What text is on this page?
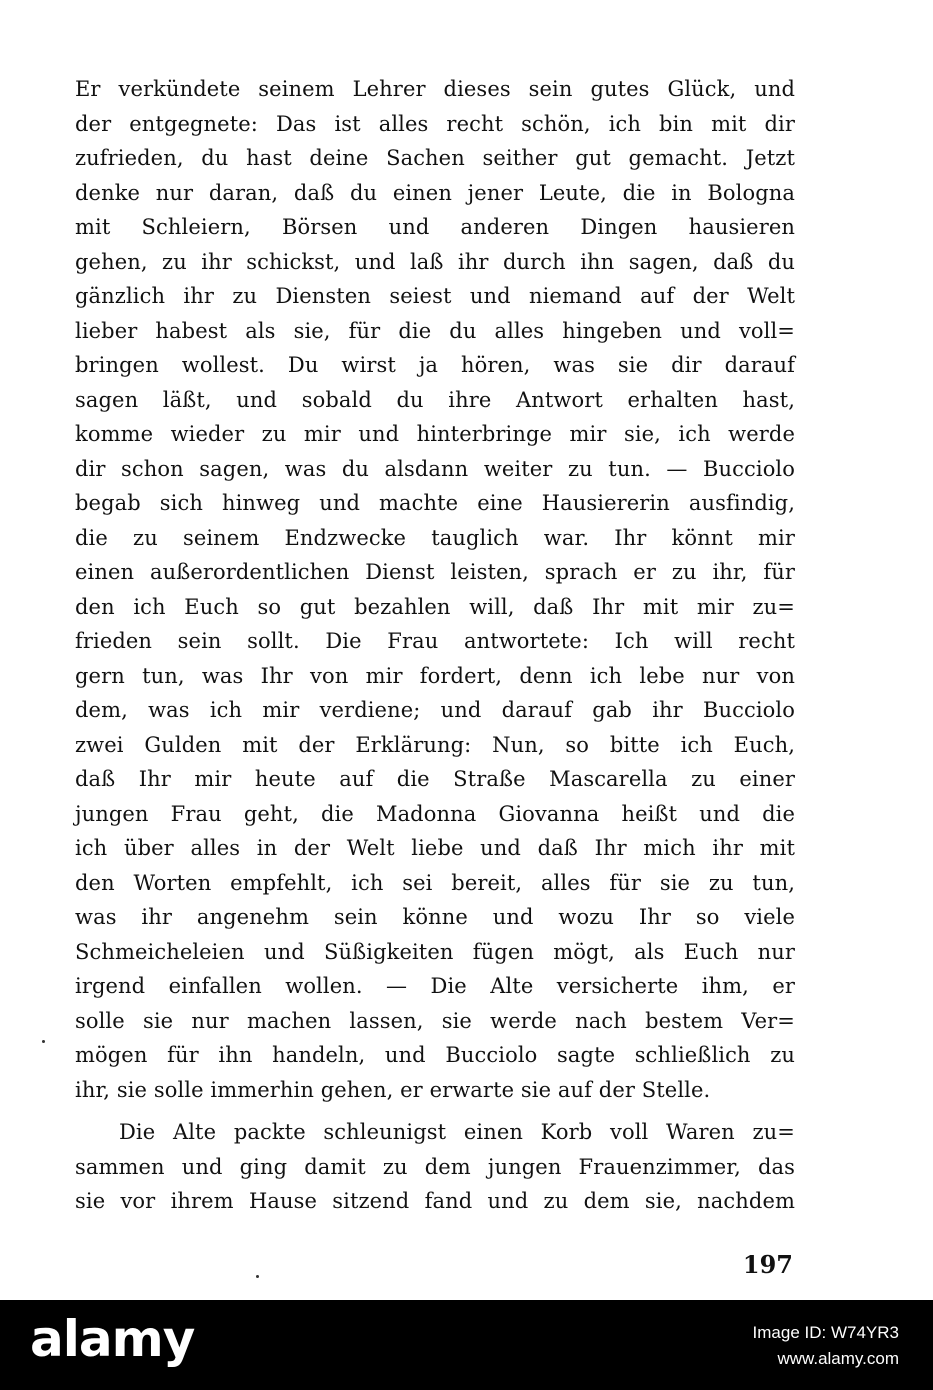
Er verkündete seinem Lehrer dieses sein gutes Glück, und
der entgegnete: Das ist alles recht schön, ich bin mit dir
zufrieden, du hast deine Sachen seither gut gemacht. Jetzt
denke nur daran, daß du einen jener Leute, die in Bologna
mit Schleiern, Börsen und anderen Dingen hausieren
gehen, zu ihr schickst, und laß ihr durch ihn sagen, daß du
gänzlich ihr zu Diensten seiest und niemand auf der Welt
lieber habest als sie, für die du alles hingeben und voll=
bringen wollest. Du wirst ja hören, was sie dir darauf
sagen läßt, und sobald du ihre Antwort erhalten hast,
komme wieder zu mir und hinterbringe mir sie, ich werde
dir schon sagen, was du alsdann weiter zu tun. — Bucciolo
begab sich hinweg und machte eine Hausiererin ausfindig,
die zu seinem Endzwecke tauglich war. Ihr könnt mir
einen außerordentlichen Dienst leisten, sprach er zu ihr, für
den ich Euch so gut bezahlen will, daß Ihr mit mir zu=
frieden sein sollt. Die Frau antwortete: Ich will recht
gern tun, was Ihr von mir fordert, denn ich lebe nur von
dem, was ich mir verdiene; und darauf gab ihr Bucciolo
zwei Gulden mit der Erklärung: Nun, so bitte ich Euch,
daß Ihr mir heute auf die Straße Mascarella zu einer
jungen Frau geht, die Madonna Giovanna heißt und die
ich über alles in der Welt liebe und daß Ihr mich ihr mit
den Worten empfehlt, ich sei bereit, alles für sie zu tun,
was ihr angenehm sein könne und wozu Ihr so viele
Schmeicheleien und Süßigkeiten fügen mögt, als Euch nur
irgend einfallen wollen. — Die Alte versicherte ihm, er
solle sie nur machen lassen, sie werde nach bestem Ver=
mögen für ihn handeln, und Bucciolo sagte schließlich zu
ihr, sie solle immerhin gehen, er erwarte sie auf der Stelle.
Die Alte packte schleunigst einen Korb voll Waren zu=
sammen und ging damit zu dem jungen Frauenzimmer, das
sie vor ihrem Hause sitzend fand und zu dem sie, nachdem
197
alamy	Image ID: W74YR3
www.alamy.com
